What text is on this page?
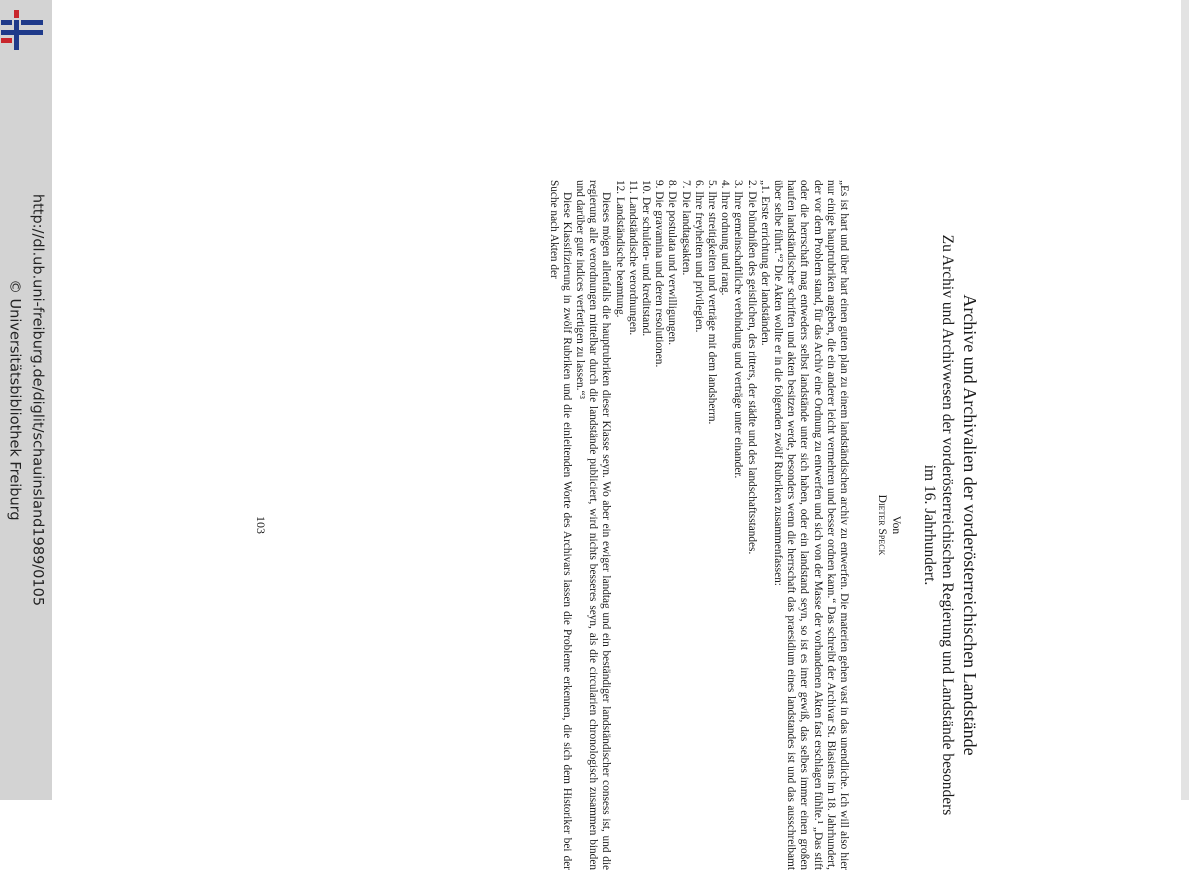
http://dl.ub.uni-freiburg.de/diglit/schauinsland1989/0105
© Universitätsbibliothek Freiburg	Archive und Archivalien der vorderösterreichischen Landstände
Zu Archiv und Archivwesen der vorderösterreichischen Regierung und Landstände besonders im 16. Jahrhundert.
Von
Dieter Speck

„Es ist hart und über hart einen guten plan zu einem landständischen archiv zu entwerfen. Die materien gehen vast in das unendliche. Ich will also hier nur einige hauptrubriken angeben, die ein anderer leicht vermehren und besser ordnen kann.“ Das schreibt der Archivar St. Blasiens im 18. Jahrhundert, der vor dem Problem stand, für das Archiv eine Ordnung zu entwerfen und sich von der Masse der vorhandenen Akten fast erschlagen fühlte.¹ „Das stift oder die herrschaft mag entweders selbst landstände unter sich haben, oder ein landstand seyn, so ist es imer gewiß, das selbes immer einen großen haufen landständischer schriften und akten besitzen werde, besonders wenn die herrschaft das praesidium eines landstandes ist und das ausschreibamt über selbe führt.“² Die Akten wollte er in die folgenden zwölf Rubriken zusammenfassen:

„1. Erste errichtung der landständen.
2. Die bündnißen des geistlichen, des ritters, der städte und des landschaftsstandes.
3. Ihre gemeinschaftliche verbindung und verträge unter einander.
4. Ihre ordnung und rang.
5. Ihre streitigkeiten und verträge mit dem landsherrn.
6. Ihre freyheiten und privilegien.
7. Die landtagsakten.
8. Die postulata und verwilligungen.
9. Die gravamina und deren resolutionen.
10. Der schulden- und kreditstand.
11. Landständische verordnungen.
12. Landständische beamtung.

Dieses mögen allenfalls die hauptrubriken dieser Klasse seyn. Wo aber ein ewiger landtag und ein beständiger landständischer consess ist, und die regierung alle verordnungen mittelbar durch die landstände publiciert, wird nichts besseres seyn, als die circularien chronologisch zusammen binden und darüber gute indices verfertigen zu lassen.“³

Diese Klassifizierung in zwölf Rubriken und die einleitenden Worte des Archivars lassen die Probleme erkennen, die sich dem Historiker bei der Suche nach Akten der

103
